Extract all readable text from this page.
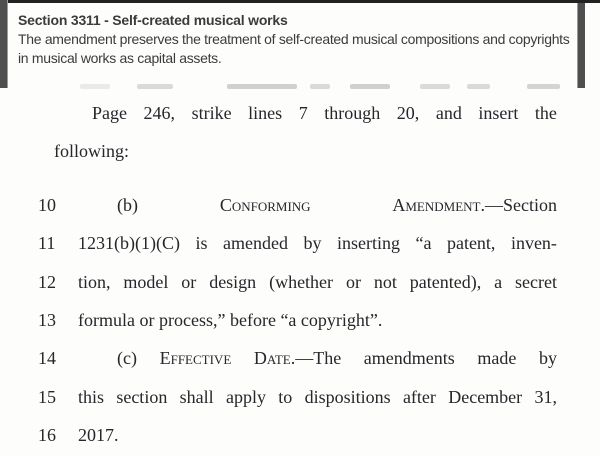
Section 3311 - Self-created musical works
The amendment preserves the treatment of self-created musical compositions and copyrights
in musical works as capital assets.
Page 246, strike lines 7 through 20, and insert the
following:
10	(b)	Conforming	Amendment.—Section
11 1231(b)(1)(C) is amended by inserting “a patent, inven-
12 tion, model or design (whether or not patented), a secret
13 formula or process,” before “a copyright”.
14	(c) Effective Date.—The amendments made by
15 this section shall apply to dispositions after December 31,
16 2017.
